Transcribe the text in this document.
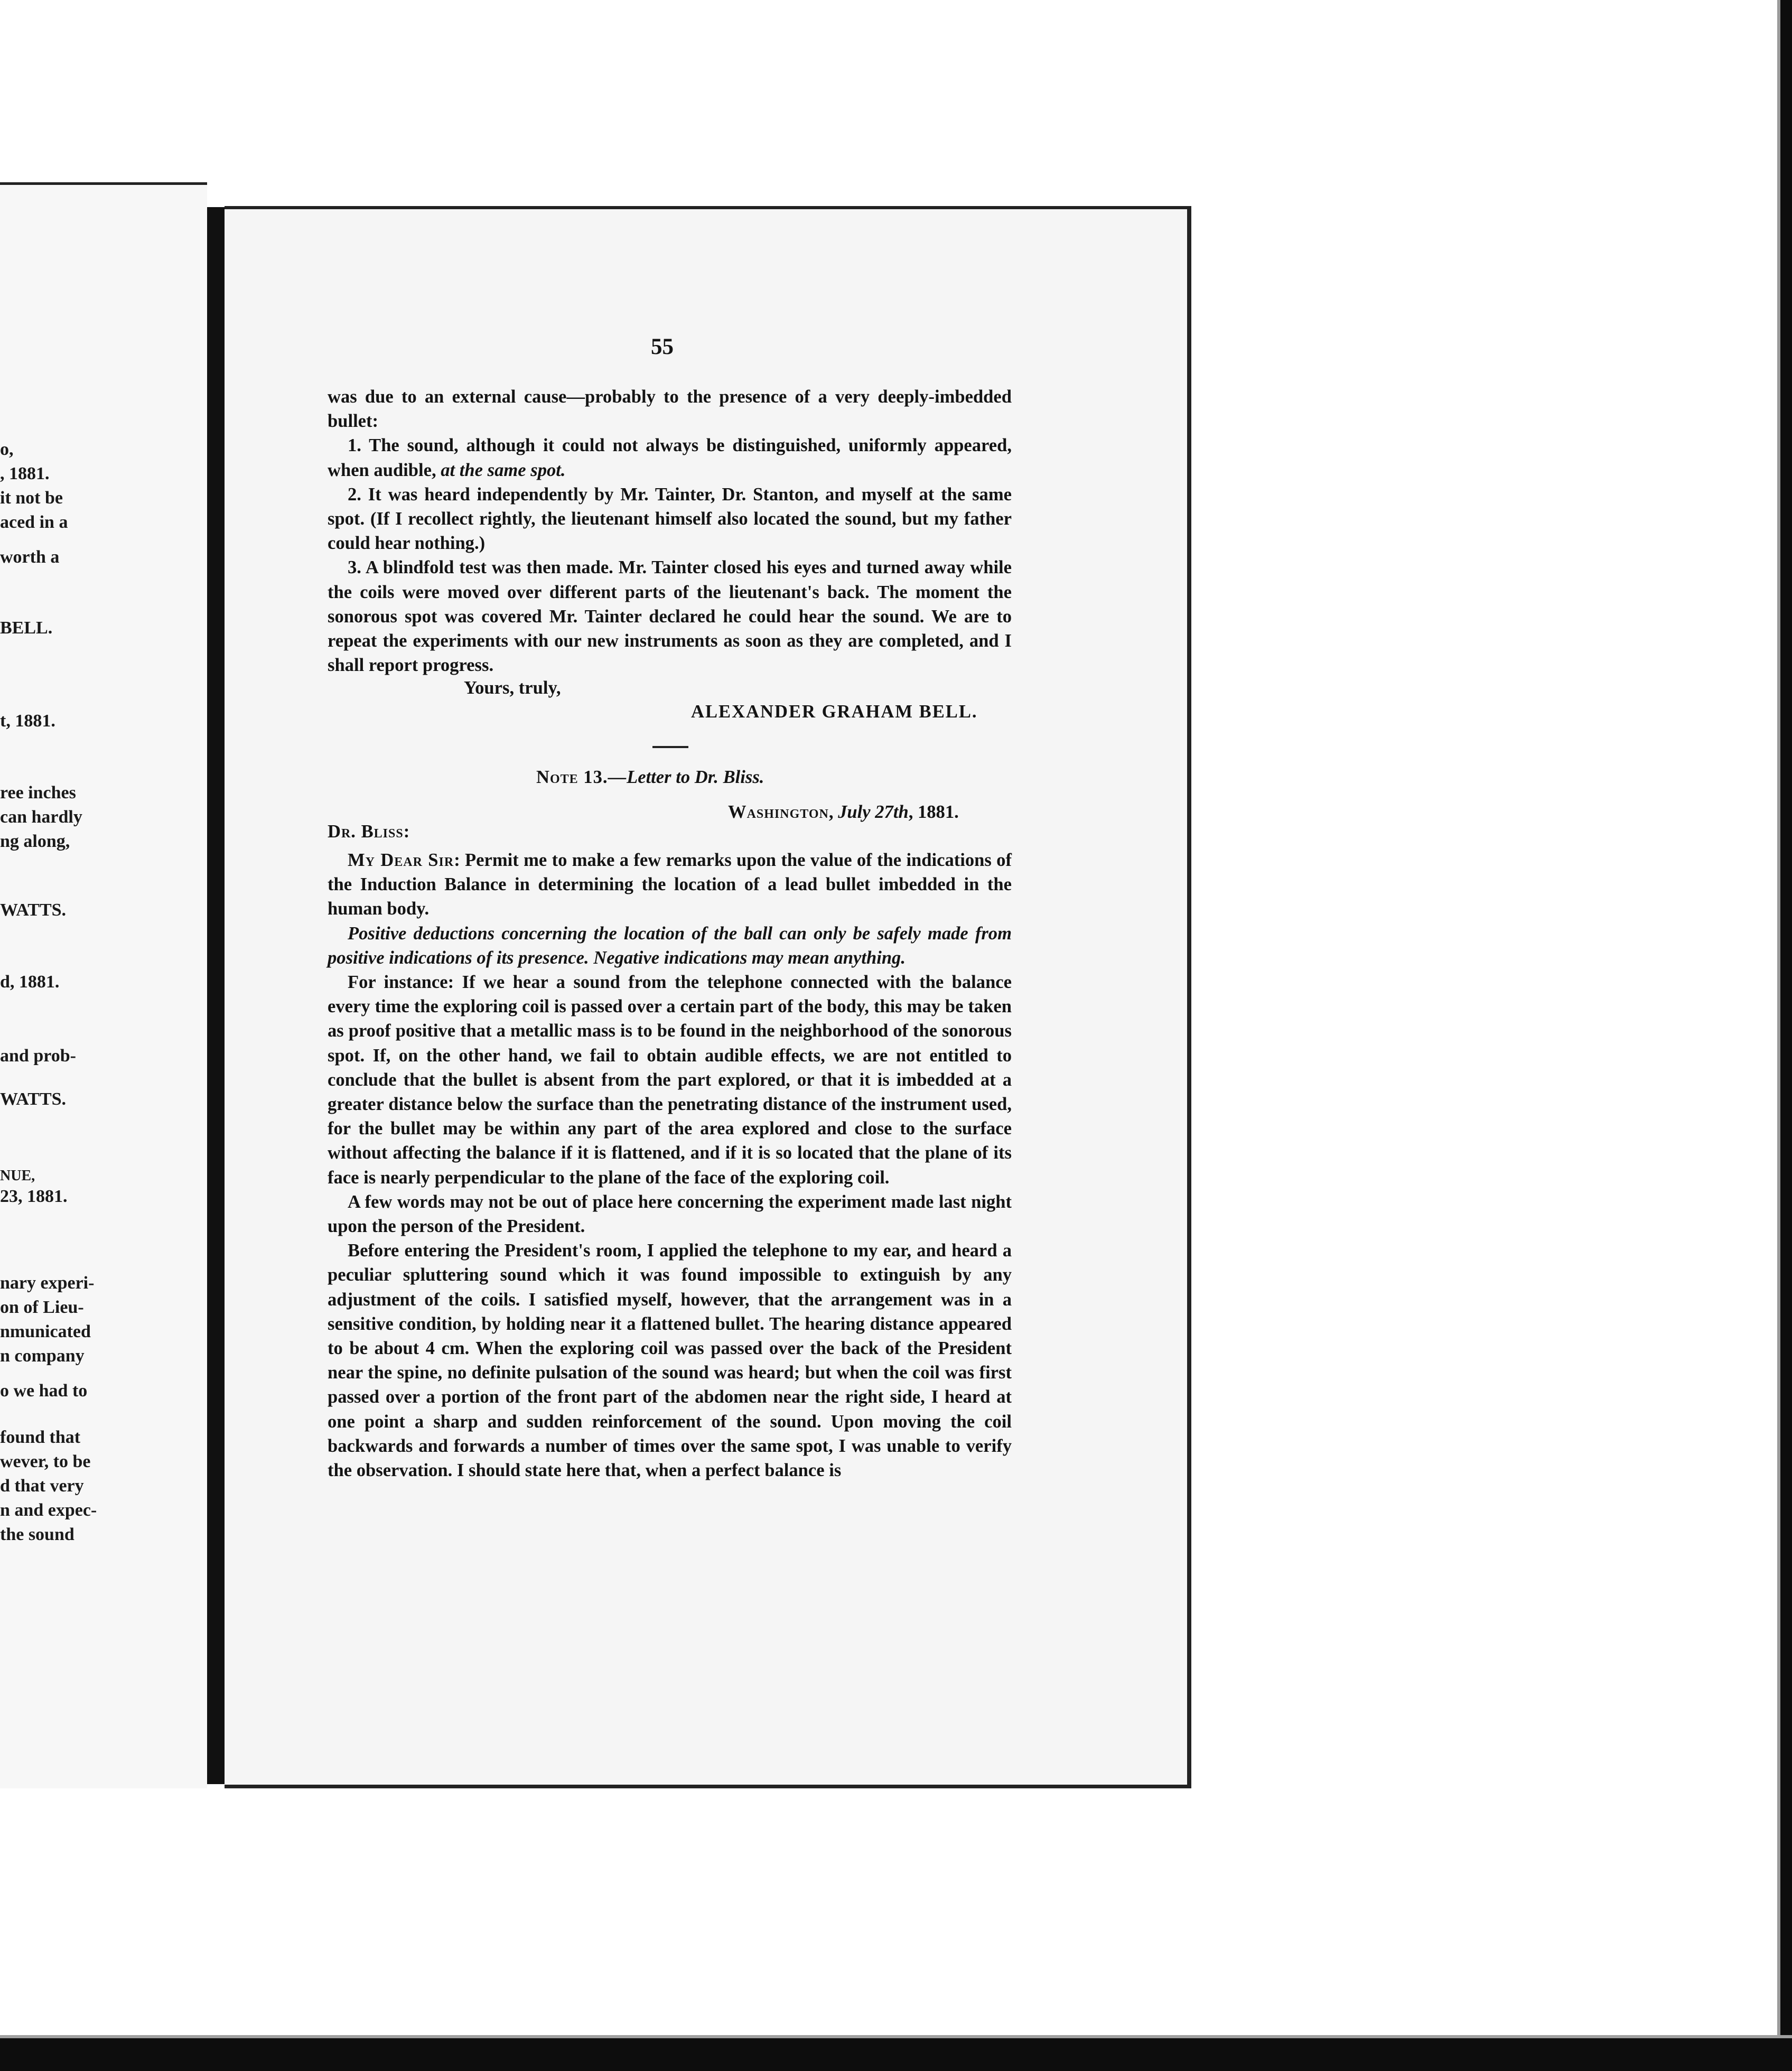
o,
, 1881.
it not be
aced in a
worth a
BELL.
t, 1881.
ree inches
can hardly
ng along,
WATTS.
d, 1881.
and prob-
WATTS.
NUE,
23, 1881.
nary experi-
on of Lieu-
nmunicated
n company
o we had to
found that
wever, to be
d that very
n and expec-
the sound
55

was due to an external cause—probably to the presence of a very deeply-imbedded bullet:

1. The sound, although it could not always be distinguished, uniformly appeared, when audible, at the same spot.

2. It was heard independently by Mr. Tainter, Dr. Stanton, and myself at the same spot. (If I recollect rightly, the lieutenant himself also located the sound, but my father could hear nothing.)

3. A blindfold test was then made. Mr. Tainter closed his eyes and turned away while the coils were moved over different parts of the lieutenant's back. The moment the sonorous spot was covered Mr. Tainter declared he could hear the sound. We are to repeat the experiments with our new instruments as soon as they are completed, and I shall report progress.

Yours, truly,
ALEXANDER GRAHAM BELL.
Note 13.—Letter to Dr. Bliss.
Washington, July 27th, 1881.
Dr. Bliss:

My Dear Sir: Permit me to make a few remarks upon the value of the indications of the Induction Balance in determining the location of a lead bullet imbedded in the human body.

Positive deductions concerning the location of the ball can only be safely made from positive indications of its presence. Negative indications may mean anything.

For instance: If we hear a sound from the telephone connected with the balance every time the exploring coil is passed over a certain part of the body, this may be taken as proof positive that a metallic mass is to be found in the neighborhood of the sonorous spot. If, on the other hand, we fail to obtain audible effects, we are not entitled to conclude that the bullet is absent from the part explored, or that it is imbedded at a greater distance below the surface than the penetrating distance of the instrument used, for the bullet may be within any part of the area explored and close to the surface without affecting the balance if it is flattened, and if it is so located that the plane of its face is nearly perpendicular to the plane of the face of the exploring coil.

A few words may not be out of place here concerning the experiment made last night upon the person of the President.

Before entering the President's room, I applied the telephone to my ear, and heard a peculiar spluttering sound which it was found impossible to extinguish by any adjustment of the coils. I satisfied myself, however, that the arrangement was in a sensitive condition, by holding near it a flattened bullet. The hearing distance appeared to be about 4 cm. When the exploring coil was passed over the back of the President near the spine, no definite pulsation of the sound was heard; but when the coil was first passed over a portion of the front part of the abdomen near the right side, I heard at one point a sharp and sudden reinforcement of the sound. Upon moving the coil backwards and forwards a number of times over the same spot, I was unable to verify the observation. I should state here that, when a perfect balance is
